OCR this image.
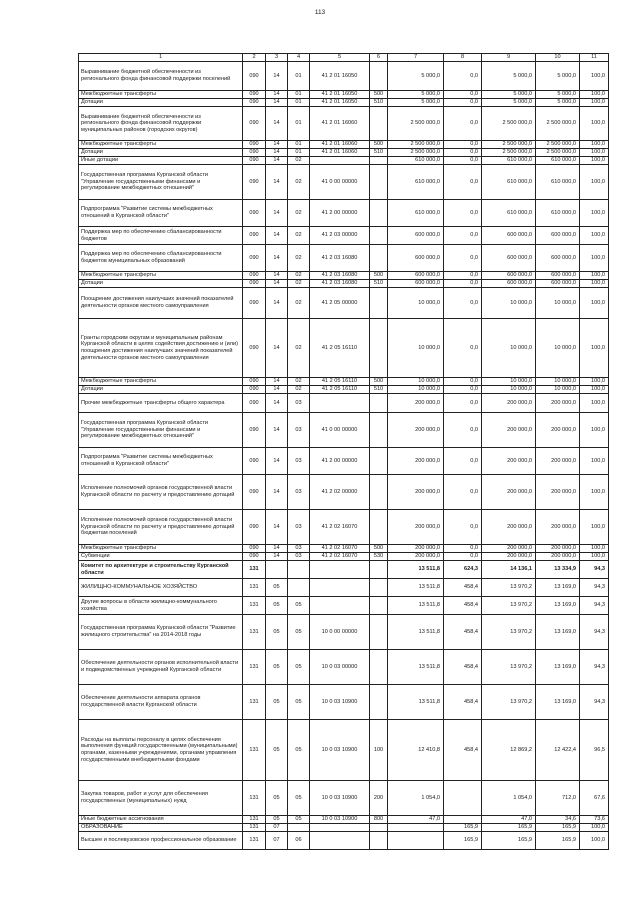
113
1	2	3	4	5	6	7	8	9	10	11
Выравнивание бюджетной обеспеченности из регионального фонда финансовой поддержки поселений	090	14	01	41 2 01 16050		5 000,0	0,0	5 000,0	5 000,0	100,0
Межбюджетные трансферты	090	14	01	41 2 01 16050	500	5 000,0	0,0	5 000,0	5 000,0	100,0
Дотации	090	14	01	41 2 01 16050	510	5 000,0	0,0	5 000,0	5 000,0	100,0
Выравнивание бюджетной обеспеченности из регионального фонда финансовой поддержки муниципальных районов (городских округов)	090	14	01	41 2 01 16060		2 500 000,0	0,0	2 500 000,0	2 500 000,0	100,0
Межбюджетные трансферты	090	14	01	41 2 01 16060	500	2 500 000,0	0,0	2 500 000,0	2 500 000,0	100,0
Дотации	090	14	01	41 2 01 16060	510	2 500 000,0	0,0	2 500 000,0	2 500 000,0	100,0
Иные дотации	090	14	02			610 000,0	0,0	610 000,0	610 000,0	100,0
Государственная программа Курганской области "Управление государственными финансами и регулирование межбюджетных отношений"	090	14	02	41 0 00 00000		610 000,0	0,0	610 000,0	610 000,0	100,0
Подпрограмма "Развитие системы межбюджетных отношений в Курганской области"	090	14	02	41 2 00 00000		610 000,0	0,0	610 000,0	610 000,0	100,0
Поддержка мер по обеспечению сбалансированности бюджетов	090	14	02	41 2 03 00000		600 000,0	0,0	600 000,0	600 000,0	100,0
Поддержка мер по обеспечению сбалансированности бюджетов муниципальных образований	090	14	02	41 2 03 16080		600 000,0	0,0	600 000,0	600 000,0	100,0
Межбюджетные трансферты	090	14	02	41 2 03 16080	500	600 000,0	0,0	600 000,0	600 000,0	100,0
Дотации	090	14	02	41 2 03 16080	510	600 000,0	0,0	600 000,0	600 000,0	100,0
Поощрение достижения наилучших значений показателей деятельности органов местного самоуправления	090	14	02	41 2 05 00000		10 000,0	0,0	10 000,0	10 000,0	100,0
Гранты городским округам и муниципальным районам Курганской области в целях содействия достижению и (или) поощрения достижения наилучших значений показателей деятельности органов местного самоуправления	090	14	02	41 2 05 16110		10 000,0	0,0	10 000,0	10 000,0	100,0
Межбюджетные трансферты	090	14	02	41 2 05 16110	500	10 000,0	0,0	10 000,0	10 000,0	100,0
Дотации	090	14	02	41 2 05 16110	510	10 000,0	0,0	10 000,0	10 000,0	100,0
Прочие межбюджетные трансферты общего характера	090	14	03			200 000,0	0,0	200 000,0	200 000,0	100,0
Государственная программа Курганской области "Управление государственными финансами и регулирование межбюджетных отношений"	090	14	03	41 0 00 00000		200 000,0	0,0	200 000,0	200 000,0	100,0
Подпрограмма "Развитие системы межбюджетных отношений в Курганской области"	090	14	03	41 2 00 00000		200 000,0	0,0	200 000,0	200 000,0	100,0
Исполнение полномочий органов государственной власти Курганской области по расчету и предоставлению дотаций	090	14	03	41 2 02 00000		200 000,0	0,0	200 000,0	200 000,0	100,0
Исполнение полномочий органов государственной власти Курганской области по расчету и предоставлению дотаций бюджетам поселений	090	14	03	41 2 02 16070		200 000,0	0,0	200 000,0	200 000,0	100,0
Межбюджетные трансферты	090	14	03	41 2 02 16070	500	200 000,0	0,0	200 000,0	200 000,0	100,0
Субвенции	090	14	03	41 2 02 16070	530	200 000,0	0,0	200 000,0	200 000,0	100,0
Комитет по архитектуре и строительству Курганской области	131					13 511,8	624,3	14 136,1	13 334,9	94,3
ЖИЛИЩНО-КОММУНАЛЬНОЕ ХОЗЯЙСТВО	131	05				13 511,8	458,4	13 970,2	13 169,0	94,3
Другие вопросы в области жилищно-коммунального хозяйства	131	05	05			13 511,8	458,4	13 970,2	13 169,0	94,3
Государственная программа Курганской области "Развитие жилищного строительства" на 2014-2018 годы	131	05	05	10 0 00 00000		13 511,8	458,4	13 970,2	13 169,0	94,3
Обеспечение деятельности органов исполнительной власти и подведомственных учреждений Курганской области	131	05	05	10 0 03 00000		13 511,8	458,4	13 970,2	13 169,0	94,3
Обеспечение деятельности аппарата органов государственной власти Курганской области	131	05	05	10 0 03 10900		13 511,8	458,4	13 970,2	13 169,0	94,3
Расходы на выплаты персоналу в целях обеспечения выполнения функций государственными (муниципальными) органами, казенными учреждениями, органами управления государственными внебюджетными фондами	131	05	05	10 0 03 10900	100	12 410,8	458,4	12 869,2	12 422,4	96,5
Закупка товаров, работ и услуг для обеспечения государственных (муниципальных) нужд	131	05	05	10 0 03 10900	200	1 054,0		1 054,0	712,0	67,6
Иные бюджетные ассигнования	131	05	05	10 0 03 10900	800	47,0		47,0	34,6	73,6
ОБРАЗОВАНИЕ	131	07					165,9	165,9	165,9	100,0
Высшее и послевузовское профессиональное образование	131	07	06				165,9	165,9	165,9	100,0
